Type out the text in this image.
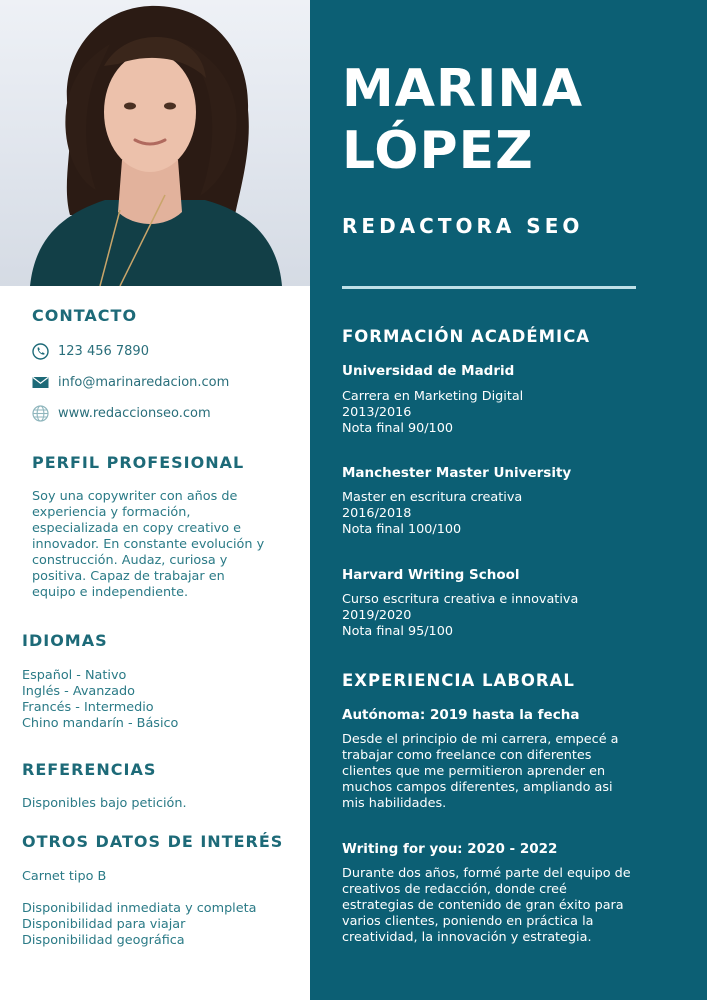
CONTACTO
123 456 7890
info@marinaredacion.com
www.redaccionseo.com
PERFIL PROFESIONAL
Soy una copywriter con años de
experiencia y formación,
especializada en copy creativo e
innovador. En constante evolución y
construcción. Audaz, curiosa y
positiva. Capaz de trabajar en
equipo e independiente.
IDIOMAS
Español - Nativo
Inglés - Avanzado
Francés - Intermedio
Chino mandarín - Básico
REFERENCIAS
Disponibles bajo petición.
OTROS DATOS DE INTERÉS
Carnet tipo B
Disponibilidad inmediata y completa
Disponibilidad para viajar
Disponibilidad geográfica
MARINA
LÓPEZ
REDACTORA SEO
FORMACIÓN ACADÉMICA
Universidad de Madrid
Carrera en Marketing Digital
2013/2016
Nota final 90/100
Manchester Master University
Master en escritura creativa
2016/2018
Nota final 100/100
Harvard Writing School
Curso escritura creativa e innovativa
2019/2020
Nota final 95/100
EXPERIENCIA LABORAL
Autónoma: 2019 hasta la fecha
Desde el principio de mi carrera, empecé a
trabajar como freelance con diferentes
clientes que me permitieron aprender en
muchos campos diferentes, ampliando asi
mis habilidades.
Writing for you: 2020 - 2022
Durante dos años, formé parte del equipo de
creativos de redacción, donde creé
estrategias de contenido de gran éxito para
varios clientes, poniendo en práctica la
creatividad, la innovación y estrategia.
